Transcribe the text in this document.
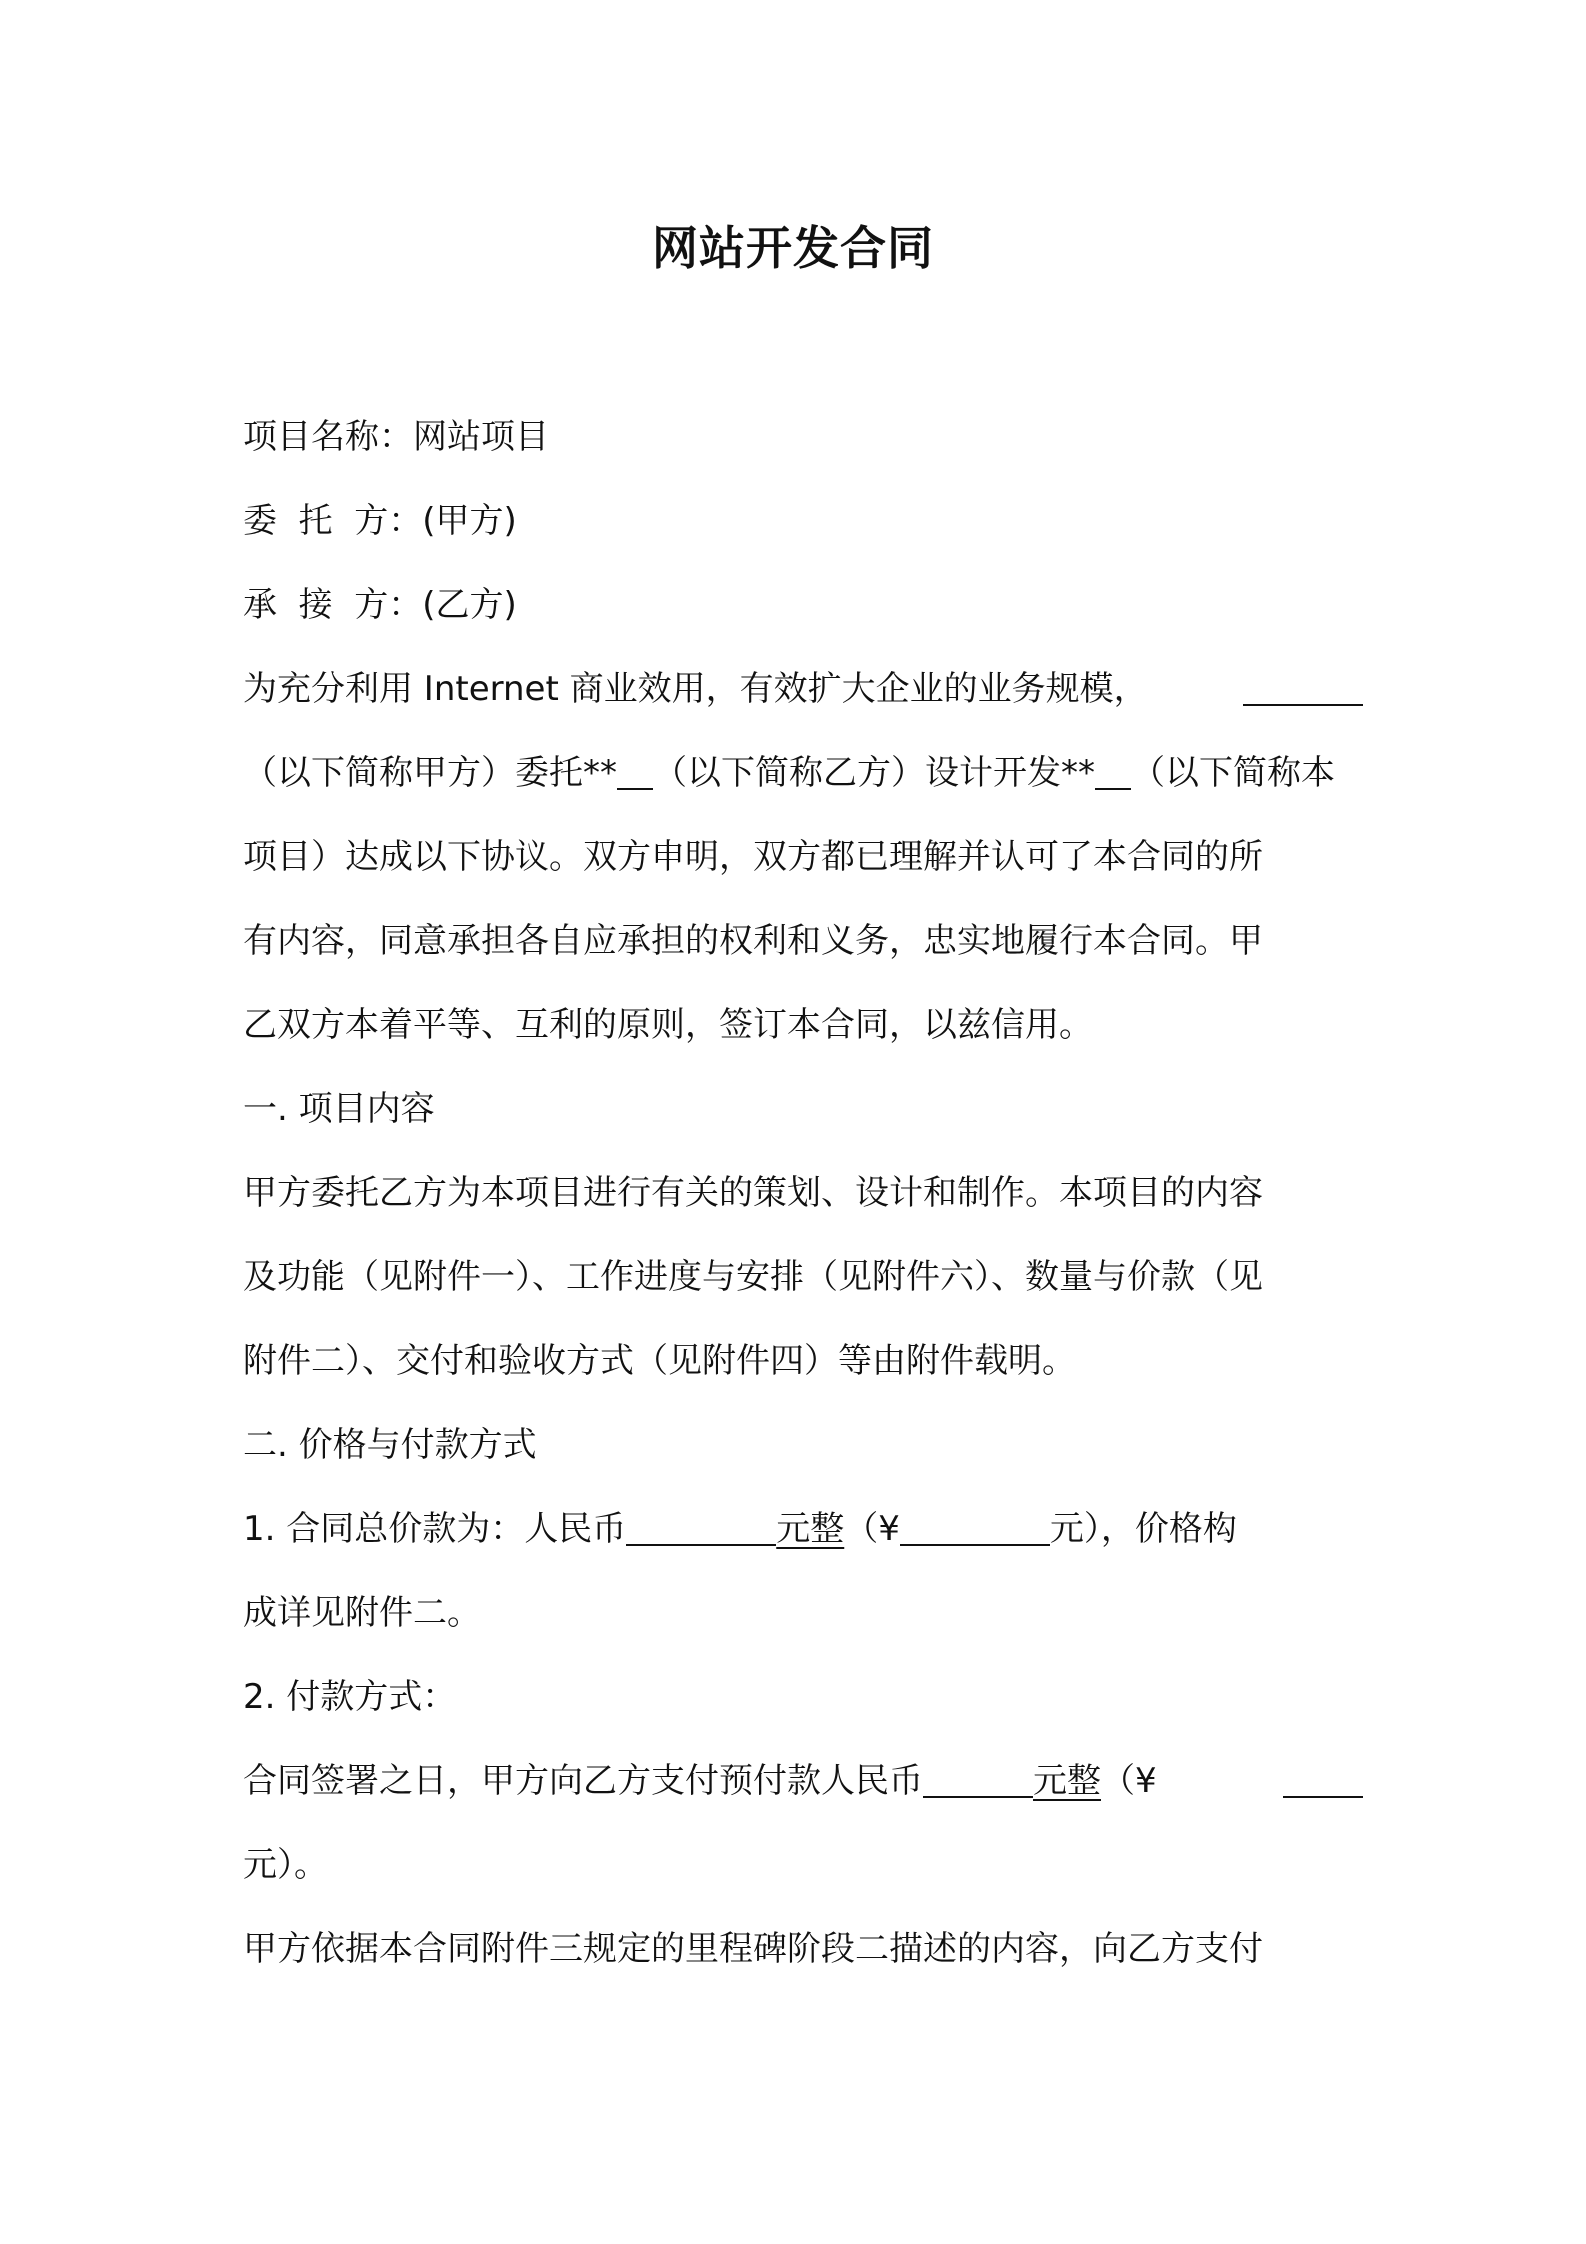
网站开发合同
项目名称：网站项目
委  托  方：(甲方)
承  接  方：(乙方)
为充分利用 Internet 商业效用，有效扩大企业的业务规模，
（以下简称甲方）委托** （以下简称乙方）设计开发** （以下简称本
项目）达成以下协议。双方申明，双方都已理解并认可了本合同的所
有内容，同意承担各自应承担的权利和义务，忠实地履行本合同。甲
乙双方本着平等、互利的原则，签订本合同，以兹信用。
一. 项目内容
甲方委托乙方为本项目进行有关的策划、设计和制作。本项目的内容
及功能（见附件一）、工作进度与安排（见附件六）、数量与价款（见
附件二）、交付和验收方式（见附件四）等由附件载明。
二. 价格与付款方式
1. 合同总价款为：人民币	元整（¥	元），价格构
成详见附件二。
2. 付款方式：
合同签署之日，甲方向乙方支付预付款人民币	元整（¥
元）。
甲方依据本合同附件三规定的里程碑阶段二描述的内容，向乙方支付
